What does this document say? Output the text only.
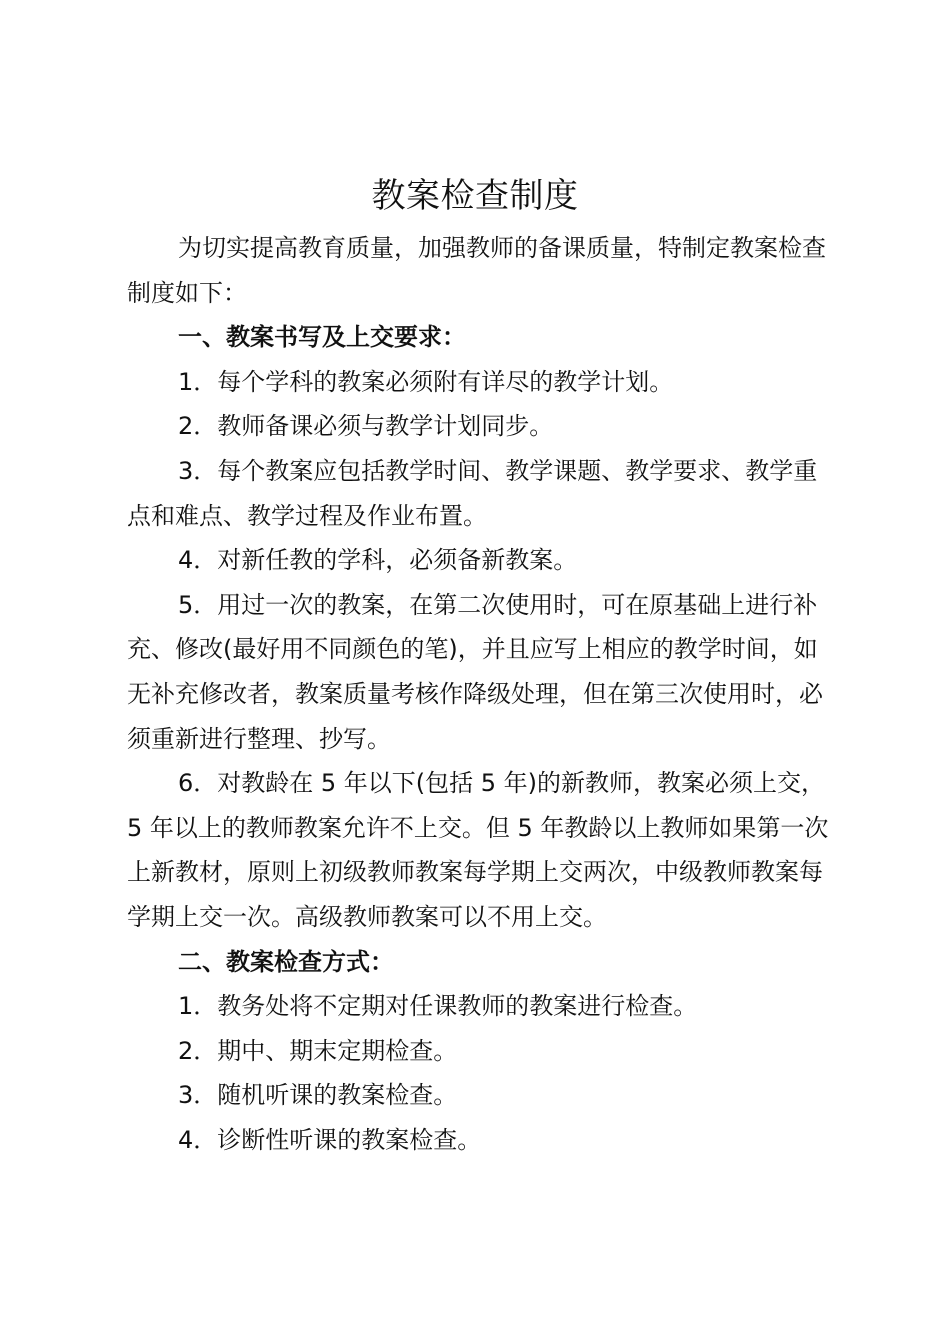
教案检查制度

为切实提高教育质量，加强教师的备课质量，特制定教案检查制度如下：

一、教案书写及上交要求：

1．每个学科的教案必须附有详尽的教学计划。

2．教师备课必须与教学计划同步。

3．每个教案应包括教学时间、教学课题、教学要求、教学重点和难点、教学过程及作业布置。

4．对新任教的学科，必须备新教案。

5．用过一次的教案，在第二次使用时，可在原基础上进行补充、修改(最好用不同颜色的笔)，并且应写上相应的教学时间，如无补充修改者，教案质量考核作降级处理，但在第三次使用时，必须重新进行整理、抄写。

6．对教龄在 5 年以下(包括 5 年)的新教师，教案必须上交，5 年以上的教师教案允许不上交。但 5 年教龄以上教师如果第一次上新教材，原则上初级教师教案每学期上交两次，中级教师教案每学期上交一次。高级教师教案可以不用上交。

二、教案检查方式：

1．教务处将不定期对任课教师的教案进行检查。

2．期中、期末定期检查。

3．随机听课的教案检查。

4．诊断性听课的教案检查。
